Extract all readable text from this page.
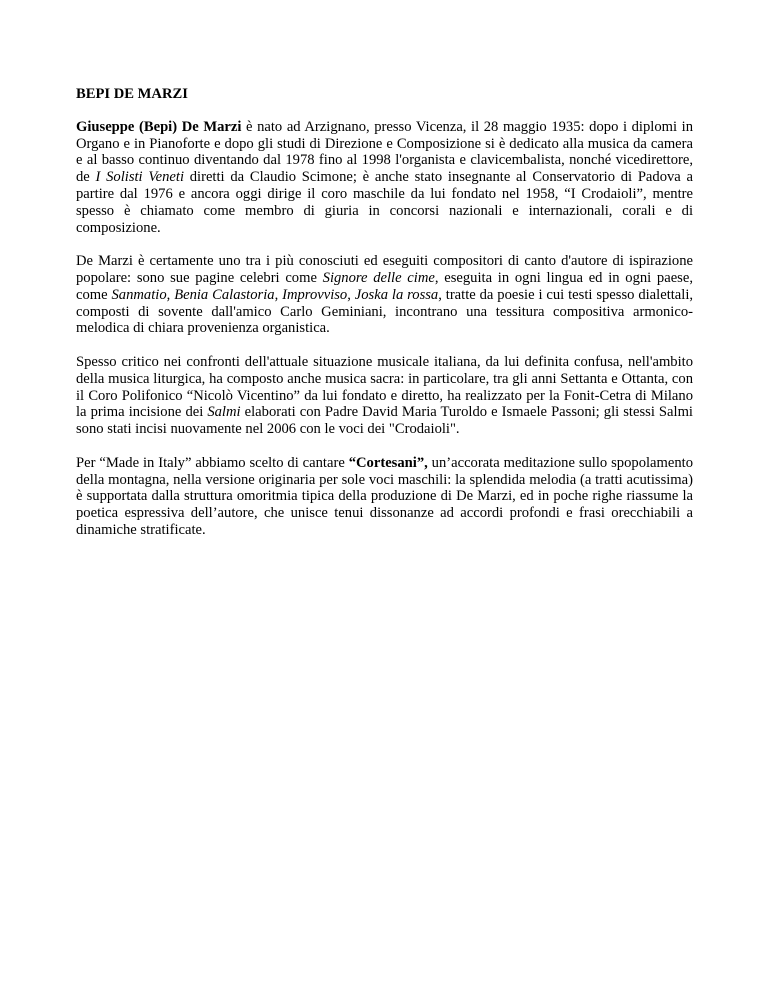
BEPI DE MARZI

Giuseppe (Bepi) De Marzi è nato ad Arzignano, presso Vicenza, il 28 maggio 1935: dopo i diplomi in Organo e in Pianoforte e dopo gli studi di Direzione e Composizione si è dedicato alla musica da camera e al basso continuo diventando dal 1978 fino al 1998 l'organista e clavicembalista, nonché vicedirettore, de I Solisti Veneti diretti da Claudio Scimone; è anche stato insegnante al Conservatorio di Padova a partire dal 1976 e ancora oggi dirige il coro maschile da lui fondato nel 1958, “I Crodaioli”, mentre spesso è chiamato come membro di giuria in concorsi nazionali e internazionali, corali e di composizione.

De Marzi è certamente uno tra i più conosciuti ed eseguiti compositori di canto d'autore di ispirazione popolare: sono sue pagine celebri come Signore delle cime, eseguita in ogni lingua ed in ogni paese, come Sanmatio, Benia Calastoria, Improvviso, Joska la rossa, tratte da poesie i cui testi spesso dialettali, composti di sovente dall'amico Carlo Geminiani, incontrano una tessitura compositiva armonico-melodica di chiara provenienza organistica.

Spesso critico nei confronti dell'attuale situazione musicale italiana, da lui definita confusa, nell'ambito della musica liturgica, ha composto anche musica sacra: in particolare, tra gli anni Settanta e Ottanta, con il Coro Polifonico “Nicolò Vicentino” da lui fondato e diretto, ha realizzato per la Fonit-Cetra di Milano la prima incisione dei Salmi elaborati con Padre David Maria Turoldo e Ismaele Passoni; gli stessi Salmi sono stati incisi nuovamente nel 2006 con le voci dei "Crodaioli".

Per “Made in Italy” abbiamo scelto di cantare “Cortesani”, un’accorata meditazione sullo spopolamento della montagna, nella versione originaria per sole voci maschili: la splendida melodia (a tratti acutissima) è supportata dalla struttura omoritmia tipica della produzione di De Marzi, ed in poche righe riassume la poetica espressiva dell’autore, che unisce tenui dissonanze ad accordi profondi e frasi orecchiabili a dinamiche stratificate.
